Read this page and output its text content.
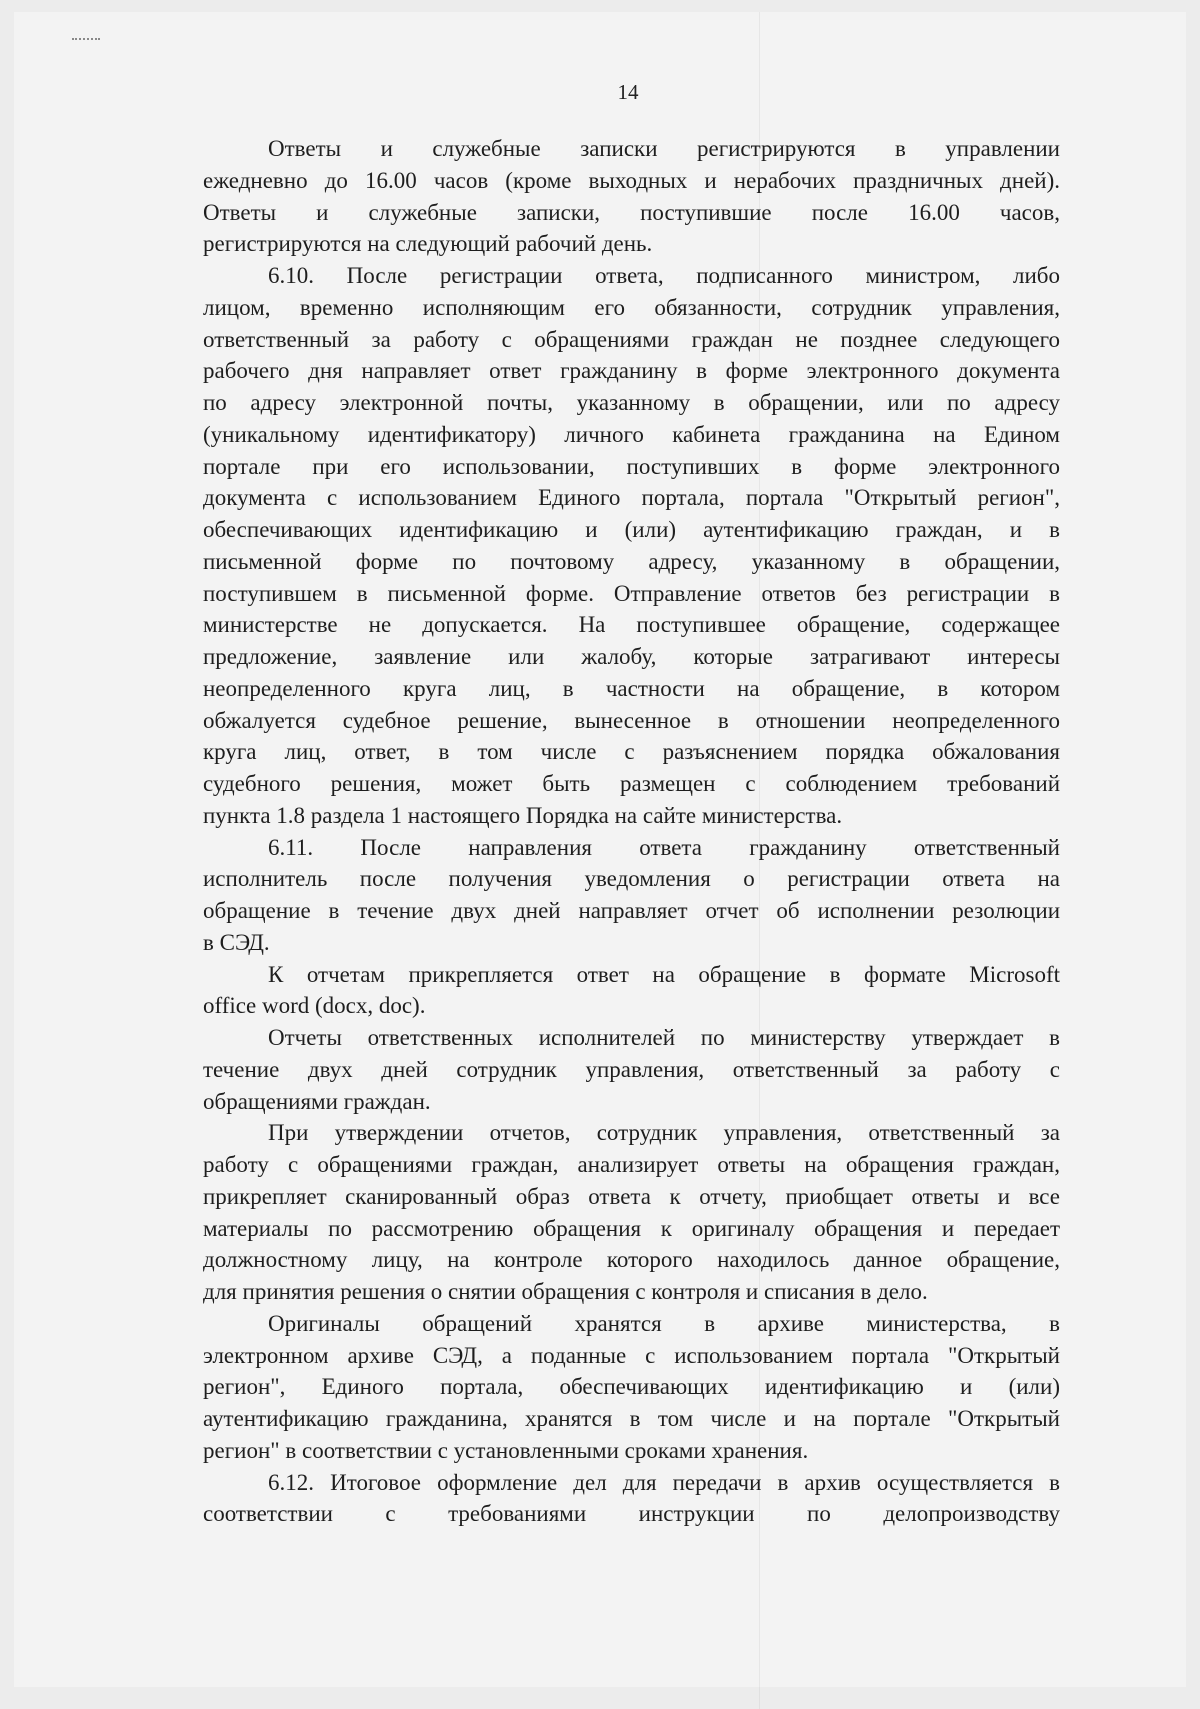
14
Ответы и служебные записки регистрируются в управлении
ежедневно до 16.00 часов (кроме выходных и нерабочих праздничных дней).
Ответы и служебные записки, поступившие после 16.00 часов,
регистрируются на следующий рабочий день.
6.10. После регистрации ответа, подписанного министром, либо
лицом, временно исполняющим его обязанности, сотрудник управления,
ответственный за работу с обращениями граждан не позднее следующего
рабочего дня направляет ответ гражданину в форме электронного документа
по адресу электронной почты, указанному в обращении, или по адресу
(уникальному идентификатору) личного кабинета гражданина на Едином
портале при его использовании, поступивших в форме электронного
документа с использованием Единого портала, портала "Открытый регион",
обеспечивающих идентификацию и (или) аутентификацию граждан, и в
письменной форме по почтовому адресу, указанному в обращении,
поступившем в письменной форме. Отправление ответов без регистрации в
министерстве не допускается. На поступившее обращение, содержащее
предложение, заявление или жалобу, которые затрагивают интересы
неопределенного круга лиц, в частности на обращение, в котором
обжалуется судебное решение, вынесенное в отношении неопределенного
круга лиц, ответ, в том числе с разъяснением порядка обжалования
судебного решения, может быть размещен с соблюдением требований
пункта 1.8 раздела 1 настоящего Порядка на сайте министерства.
6.11. После направления ответа гражданину ответственный
исполнитель после получения уведомления о регистрации ответа на
обращение в течение двух дней направляет отчет об исполнении резолюции
в СЭД.
К отчетам прикрепляется ответ на обращение в формате Microsoft
office word (docx, doc).
Отчеты ответственных исполнителей по министерству утверждает в
течение двух дней сотрудник управления, ответственный за работу с
обращениями граждан.
При утверждении отчетов, сотрудник управления, ответственный за
работу с обращениями граждан, анализирует ответы на обращения граждан,
прикрепляет сканированный образ ответа к отчету, приобщает ответы и все
материалы по рассмотрению обращения к оригиналу обращения и передает
должностному лицу, на контроле которого находилось данное обращение,
для принятия решения о снятии обращения с контроля и списания в дело.
Оригиналы обращений хранятся в архиве министерства, в
электронном архиве СЭД, а поданные с использованием портала "Открытый
регион", Единого портала, обеспечивающих идентификацию и (или)
аутентификацию гражданина, хранятся в том числе и на портале "Открытый
регион" в соответствии с установленными сроками хранения.
6.12. Итоговое оформление дел для передачи в архив осуществляется в
соответствии с требованиями инструкции по делопроизводству
